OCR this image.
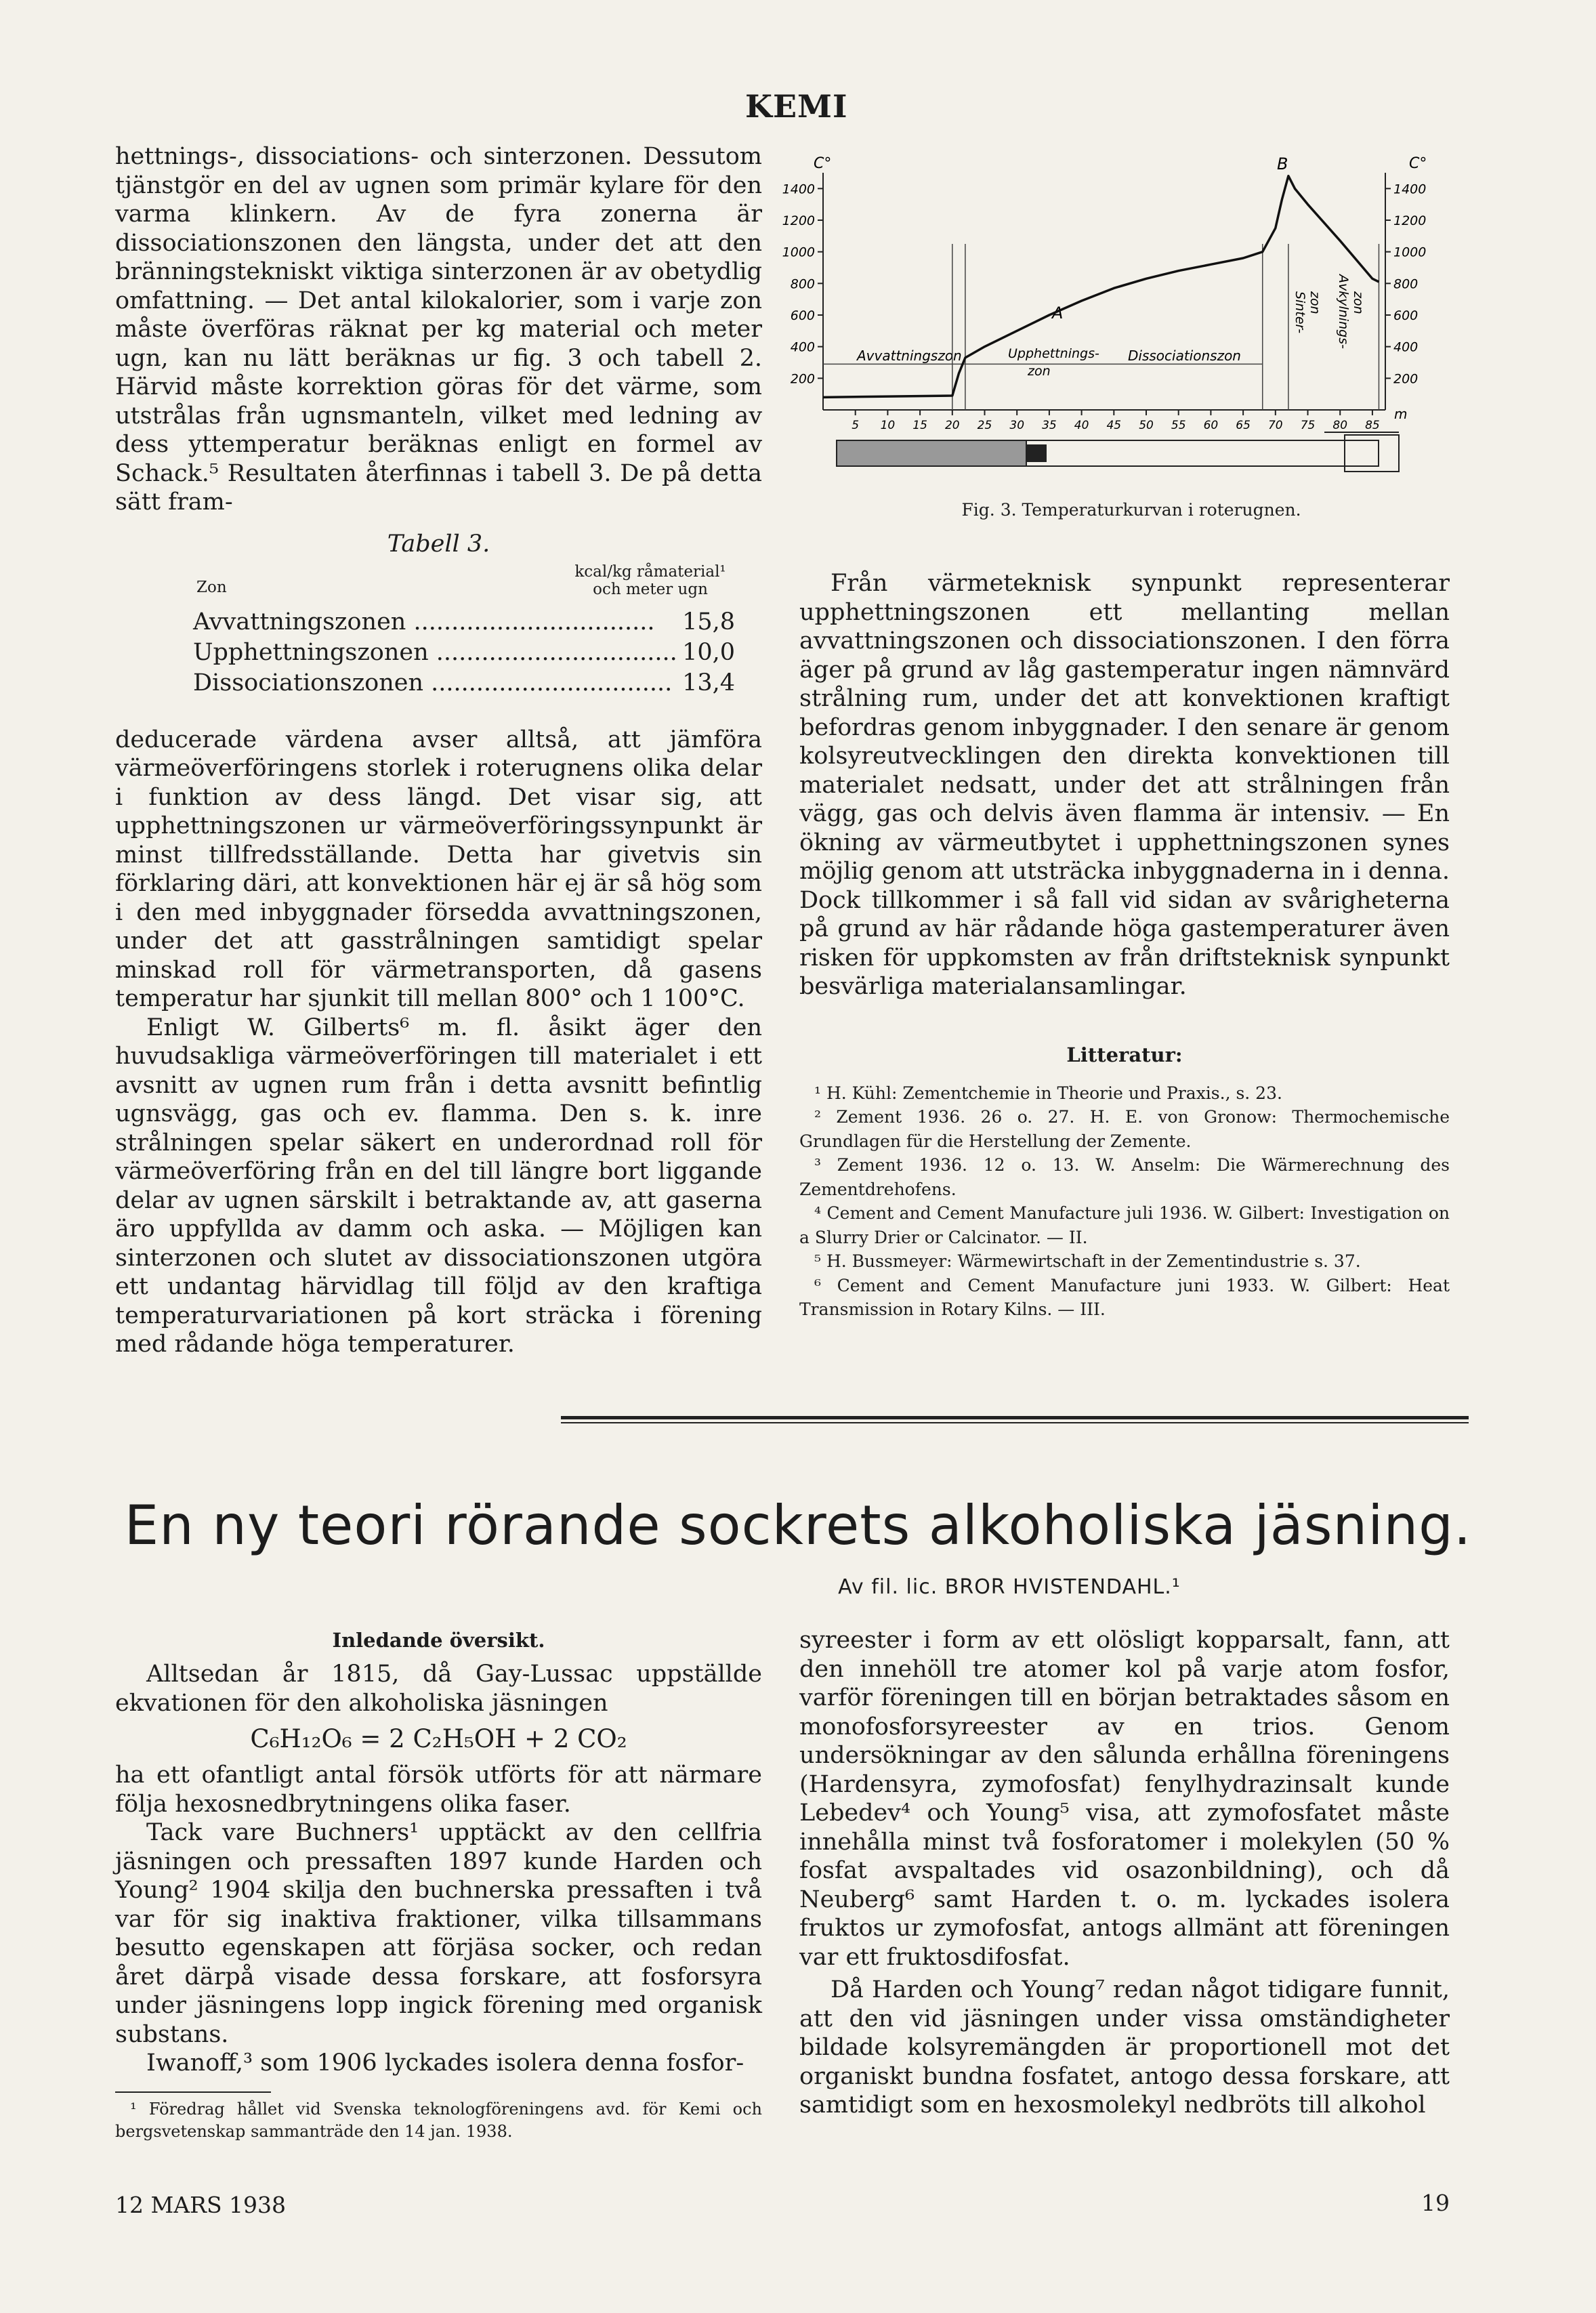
KEMI

hettnings-, dissociations- och sinterzonen. Dessutom tjänstgör en del av ugnen som primär kylare för den varma klinkern. Av de fyra zonerna är dissociationszonen den längsta, under det att den bränningstekniskt viktiga sinterzonen är av obetydlig omfattning. — Det antal kilokalorier, som i varje zon måste överföras räknat per kg material och meter ugn, kan nu lätt beräknas ur fig. 3 och tabell 2. Härvid måste korrektion göras för det värme, som utstrålas från ugnsmanteln, vilket med ledning av dess yttemperatur beräknas enligt en formel av Schack.⁵ Resultaten återfinnas i tabell 3. De på detta sätt fram-

Tabell 3.
Zon
kcal/kg råmaterial¹
och meter ugn
Avvattningszonen ................................	15,8
Upphettningszonen ................................ 10,0
Dissociationszonen ................................ 13,4

deducerade värdena avser alltså, att jämföra värmeöverföringens storlek i roterugnens olika delar i funktion av dess längd. Det visar sig, att upphettningszonen ur värmeöverföringssynpunkt är minst tillfredsställande. Detta har givetvis sin förklaring däri, att konvektionen här ej är så hög som i den med inbyggnader försedda avvattningszonen, under det att gasstrålningen samtidigt spelar minskad roll för värmetransporten, då gasens temperatur har sjunkit till mellan 800° och 1 100°C.

Enligt W. Gilberts⁶ m. fl. åsikt äger den huvudsakliga värmeöverföringen till materialet i ett avsnitt av ugnen rum från i detta avsnitt befintlig ugnsvägg, gas och ev. flamma. Den s. k. inre strålningen spelar säkert en underordnad roll för värmeöverföring från en del till längre bort liggande delar av ugnen särskilt i betraktande av, att gaserna äro uppfyllda av damm och aska. — Möjligen kan sinterzonen och slutet av dissociationszonen utgöra ett undantag härvidlag till följd av den kraftiga temperaturvariationen på kort sträcka i förening med rådande höga temperaturer.

C°	C°
B
A
Avvattningszon	Upphettnings-
zon
Dissociationszon
Sinter- zon Avkylnings- zon
m
200
400
600
800
1000
1200
1400
200
400
600
800
1000
1200
1400
5 10 15 20 25 30 35 40 45 50 55 60 65 70 75 80 85
Fig. 3. Temperaturkurvan i roterugnen.

Från värmeteknisk synpunkt representerar upphettningszonen ett mellanting mellan avvattningszonen och dissociationszonen. I den förra äger på grund av låg gastemperatur ingen nämnvärd strålning rum, under det att konvektionen kraftigt befordras genom inbyggnader. I den senare är genom kolsyreutvecklingen den direkta konvektionen till materialet nedsatt, under det att strålningen från vägg, gas och delvis även flamma är intensiv. — En ökning av värmeutbytet i upphettningszonen synes möjlig genom att utsträcka inbyggnaderna in i denna. Dock tillkommer i så fall vid sidan av svårigheterna på grund av här rådande höga gastemperaturer även risken för uppkomsten av från driftsteknisk synpunkt besvärliga materialansamlingar.

Litteratur:

¹ H. Kühl: Zementchemie in Theorie und Praxis., s. 23.

² Zement 1936. 26 o. 27. H. E. von Gronow: Thermochemische Grundlagen für die Herstellung der Zemente.

³ Zement 1936. 12 o. 13. W. Anselm: Die Wärmerechnung des Zementdrehofens.

⁴ Cement and Cement Manufacture juli 1936. W. Gilbert: Investigation on a Slurry Drier or Calcinator. — II.

⁵ H. Bussmeyer: Wärmewirtschaft in der Zementindustrie s. 37.

⁶ Cement and Cement Manufacture juni 1933. W. Gilbert: Heat Transmission in Rotary Kilns. — III.

En ny teori rörande sockrets alkoholiska jäsning.
Av fil. lic. BROR HVISTENDAHL.¹
Inledande översikt.

Alltsedan år 1815, då Gay-Lussac uppställde ekvationen för den alkoholiska jäsningen

C₆H₁₂O₆ = 2 C₂H₅OH + 2 CO₂

ha ett ofantligt antal försök utförts för att närmare följa hexosnedbrytningens olika faser.

Tack vare Buchners¹ upptäckt av den cellfria jäsningen och pressaften 1897 kunde Harden och Young² 1904 skilja den buchnerska pressaften i två var för sig inaktiva fraktioner, vilka tillsammans besutto egenskapen att förjäsa socker, och redan året därpå visade dessa forskare, att fosforsyra under jäsningens lopp ingick förening med organisk substans.

Iwanoff,³ som 1906 lyckades isolera denna fosfor-

¹ Föredrag hållet vid Svenska teknologföreningens avd. för Kemi och bergsvetenskap sammanträde den 14 jan. 1938.

syreester i form av ett olösligt kopparsalt, fann, att den innehöll tre atomer kol på varje atom fosfor, varför föreningen till en början betraktades såsom en monofosforsyreester av en trios. Genom undersökningar av den sålunda erhållna föreningens (Hardensyra, zymofosfat) fenylhydrazinsalt kunde Lebedev⁴ och Young⁵ visa, att zymofosfatet måste innehålla minst två fosforatomer i molekylen (50 % fosfat avspaltades vid osazonbildning), och då Neuberg⁶ samt Harden t. o. m. lyckades isolera fruktos ur zymofosfat, antogs allmänt att föreningen var ett fruktosdifosfat.

Då Harden och Young⁷ redan något tidigare funnit, att den vid jäsningen under vissa omständigheter bildade kolsyremängden är proportionell mot det organiskt bundna fosfatet, antogo dessa forskare, att samtidigt som en hexosmolekyl nedbröts till alkohol

12 MARS 1938	19
